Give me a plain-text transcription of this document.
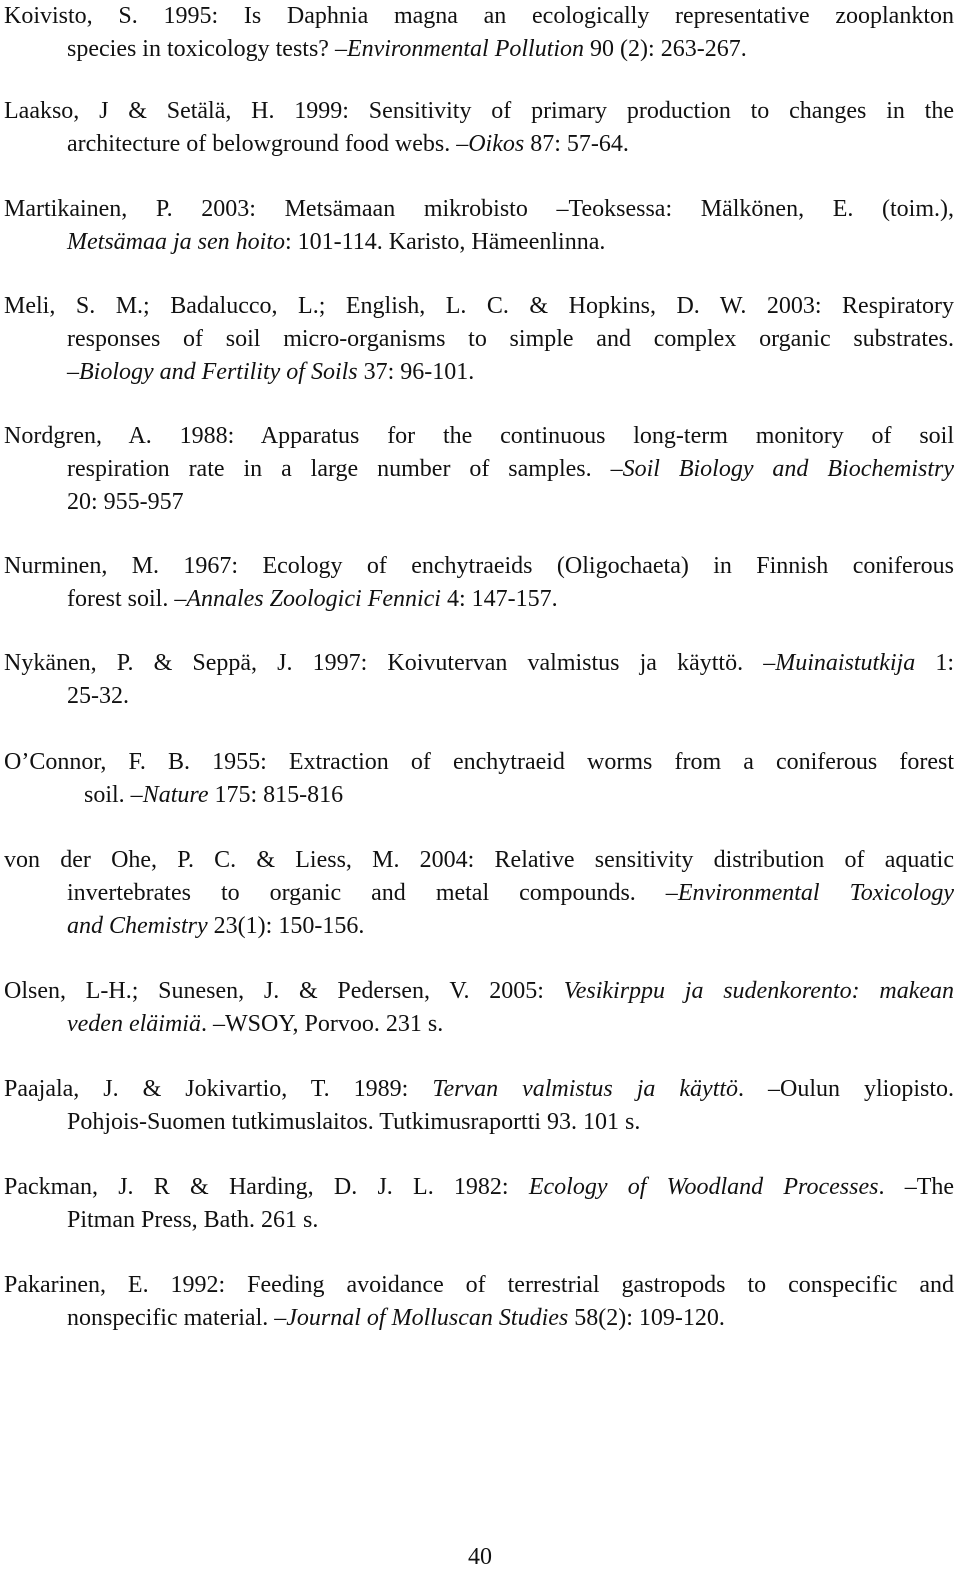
Koivisto, S. 1995: Is Daphnia magna an ecologically representative zooplankton
species in toxicology tests? –Environmental Pollution 90 (2): 263-267.
Laakso, J & Setälä, H. 1999: Sensitivity of primary production to changes in the
architecture of belowground food webs. –Oikos 87: 57-64.
Martikainen, P. 2003: Metsämaan mikrobisto –Teoksessa: Mälkönen, E. (toim.),
Metsämaa ja sen hoito: 101-114. Karisto, Hämeenlinna.
Meli, S. M.; Badalucco, L.; English, L. C. & Hopkins, D. W. 2003: Respiratory
responses of soil micro-organisms to simple and complex organic substrates.
–Biology and Fertility of Soils 37: 96-101.
Nordgren, A. 1988: Apparatus for the continuous long-term monitory of soil
respiration rate in a large number of samples. –Soil Biology and Biochemistry
20: 955-957
Nurminen, M. 1967: Ecology of enchytraeids (Oligochaeta) in Finnish coniferous
forest soil. –Annales Zoologici Fennici 4: 147-157.
Nykänen, P. & Seppä, J. 1997: Koivutervan valmistus ja käyttö. –Muinaistutkija 1:
25-32.
O’Connor, F. B. 1955: Extraction of enchytraeid worms from a coniferous forest
soil. –Nature 175: 815-816
von der Ohe, P. C. & Liess, M. 2004: Relative sensitivity distribution of aquatic
invertebrates to organic and metal compounds. –Environmental Toxicology
and Chemistry 23(1): 150-156.
Olsen, L-H.; Sunesen, J. & Pedersen, V. 2005: Vesikirppu ja sudenkorento: makean
veden eläimiä. –WSOY, Porvoo. 231 s.
Paajala, J. & Jokivartio, T. 1989: Tervan valmistus ja käyttö. –Oulun yliopisto.
Pohjois-Suomen tutkimuslaitos. Tutkimusraportti 93. 101 s.
Packman, J. R & Harding, D. J. L. 1982: Ecology of Woodland Processes. –The
Pitman Press, Bath. 261 s.
Pakarinen, E. 1992: Feeding avoidance of terrestrial gastropods to conspecific and
nonspecific material. –Journal of Molluscan Studies 58(2): 109-120.
40
